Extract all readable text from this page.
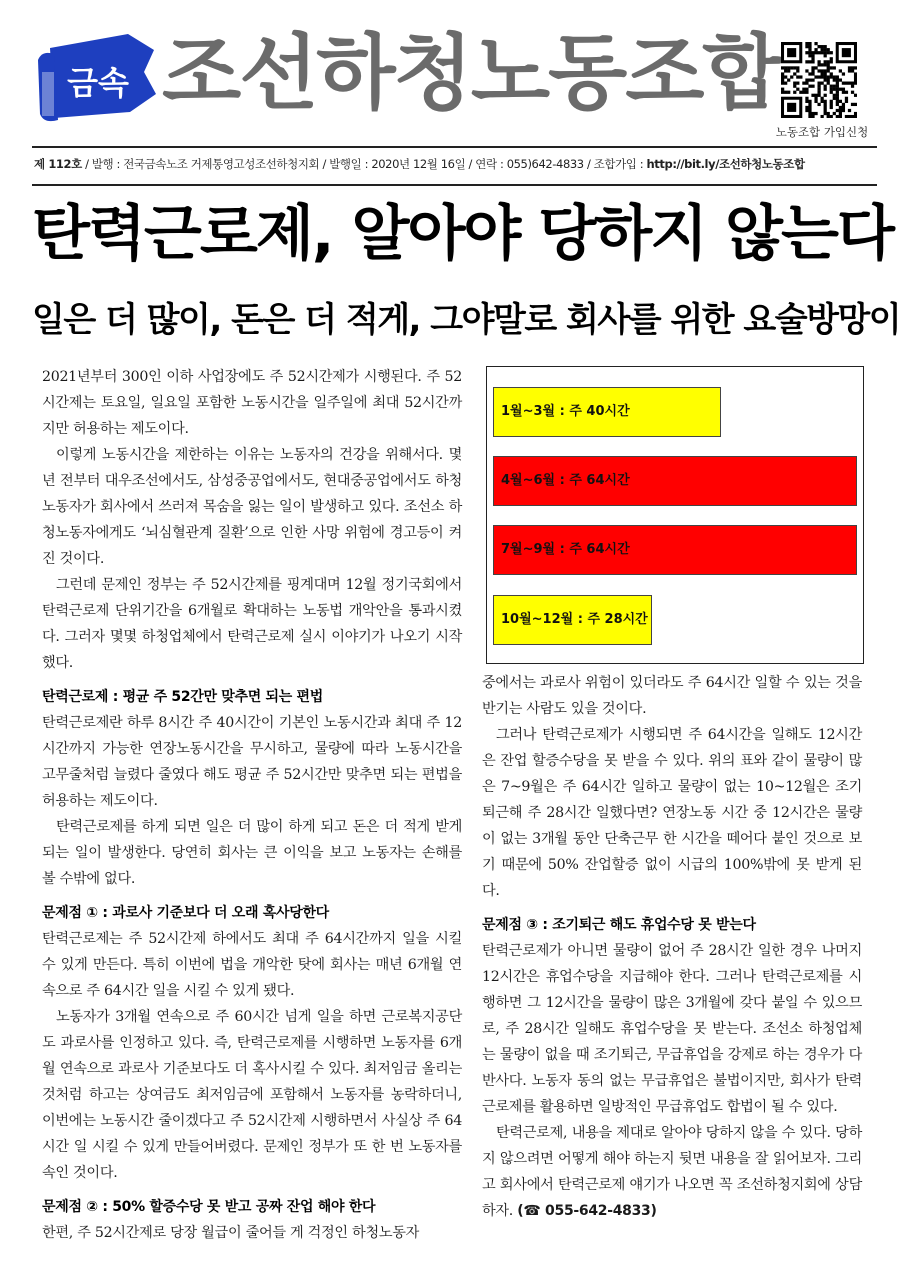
금속 조선하청노동조합
노동조합 가입신청
제 112호 / 발행 : 전국금속노조 거제통영고성조선하청지회 / 발행일 : 2020년 12월 16일 / 연락 : 055)642-4833 / 조합가입 : http://bit.ly/조선하청노동조합
탄력근로제, 알아야 당하지 않는다
일은 더 많이, 돈은 더 적게, 그야말로 회사를 위한 요술방망이

2021년부터 300인 이하 사업장에도 주 52시간제가 시행된다. 주 52시간제는 토요일, 일요일 포함한 노동시간을 일주일에 최대 52시간까지만 허용하는 제도이다.

이렇게 노동시간을 제한하는 이유는 노동자의 건강을 위해서다. 몇 년 전부터 대우조선에서도, 삼성중공업에서도, 현대중공업에서도 하청노동자가 회사에서 쓰러져 목숨을 잃는 일이 발생하고 있다. 조선소 하청노동자에게도 ‘뇌심혈관계 질환’으로 인한 사망 위험에 경고등이 켜진 것이다.

그런데 문제인 정부는 주 52시간제를 핑계대며 12월 정기국회에서 탄력근로제 단위기간을 6개월로 확대하는 노동법 개악안을 통과시켰다. 그러자 몇몇 하청업체에서 탄력근로제 실시 이야기가 나오기 시작했다.

탄력근로제 : 평균 주 52간만 맞추면 되는 편법

탄력근로제란 하루 8시간 주 40시간이 기본인 노동시간과 최대 주 12시간까지 가능한 연장노동시간을 무시하고, 물량에 따라 노동시간을 고무줄처럼 늘렸다 줄였다 해도 평균 주 52시간만 맞추면 되는 편법을 허용하는 제도이다.

탄력근로제를 하게 되면 일은 더 많이 하게 되고 돈은 더 적게 받게 되는 일이 발생한다. 당연히 회사는 큰 이익을 보고 노동자는 손해를 볼 수밖에 없다.

문제점 ① : 과로사 기준보다 더 오래 혹사당한다

탄력근로제는 주 52시간제 하에서도 최대 주 64시간까지 일을 시킬 수 있게 만든다. 특히 이번에 법을 개악한 탓에 회사는 매년 6개월 연속으로 주 64시간 일을 시킬 수 있게 됐다.

노동자가 3개월 연속으로 주 60시간 넘게 일을 하면 근로복지공단도 과로사를 인정하고 있다. 즉, 탄력근로제를 시행하면 노동자를 6개월 연속으로 과로사 기준보다도 더 혹사시킬 수 있다. 최저임금 올리는 것처럼 하고는 상여금도 최저임금에 포함해서 노동자를 농락하더니, 이번에는 노동시간 줄이겠다고 주 52시간제 시행하면서 사실상 주 64시간 일 시킬 수 있게 만들어버렸다. 문제인 정부가 또 한 번 노동자를 속인 것이다.

문제점 ② : 50% 할증수당 못 받고 공짜 잔업 해야 한다

한편, 주 52시간제로 당장 월급이 줄어들 게 걱정인 하청노동자

1월~3월 : 주 40시간
4월~6월 : 주 64시간
7월~9월 : 주 64시간
10월~12월 : 주 28시간

중에서는 과로사 위험이 있더라도 주 64시간 일할 수 있는 것을 반기는 사람도 있을 것이다.

그러나 탄력근로제가 시행되면 주 64시간을 일해도 12시간은 잔업 할증수당을 못 받을 수 있다. 위의 표와 같이 물량이 많은 7~9월은 주 64시간 일하고 물량이 없는 10~12월은 조기 퇴근해 주 28시간 일했다면? 연장노동 시간 중 12시간은 물량이 없는 3개월 동안 단축근무 한 시간을 떼어다 붙인 것으로 보기 때문에 50% 잔업할증 없이 시급의 100%밖에 못 받게 된다.

문제점 ③ : 조기퇴근 해도 휴업수당 못 받는다

탄력근로제가 아니면 물량이 없어 주 28시간 일한 경우 나머지 12시간은 휴업수당을 지급해야 한다. 그러나 탄력근로제를 시행하면 그 12시간을 물량이 많은 3개월에 갖다 붙일 수 있으므로, 주 28시간 일해도 휴업수당을 못 받는다. 조선소 하청업체는 물량이 없을 때 조기퇴근, 무급휴업을 강제로 하는 경우가 다반사다. 노동자 동의 없는 무급휴업은 불법이지만, 회사가 탄력근로제를 활용하면 일방적인 무급휴업도 합법이 될 수 있다.

탄력근로제, 내용을 제대로 알아야 당하지 않을 수 있다. 당하지 않으려면 어떻게 해야 하는지 뒷면 내용을 잘 읽어보자. 그리고 회사에서 탄력근로제 얘기가 나오면 꼭 조선하청지회에 상담하자. (☎ 055-642-4833)
